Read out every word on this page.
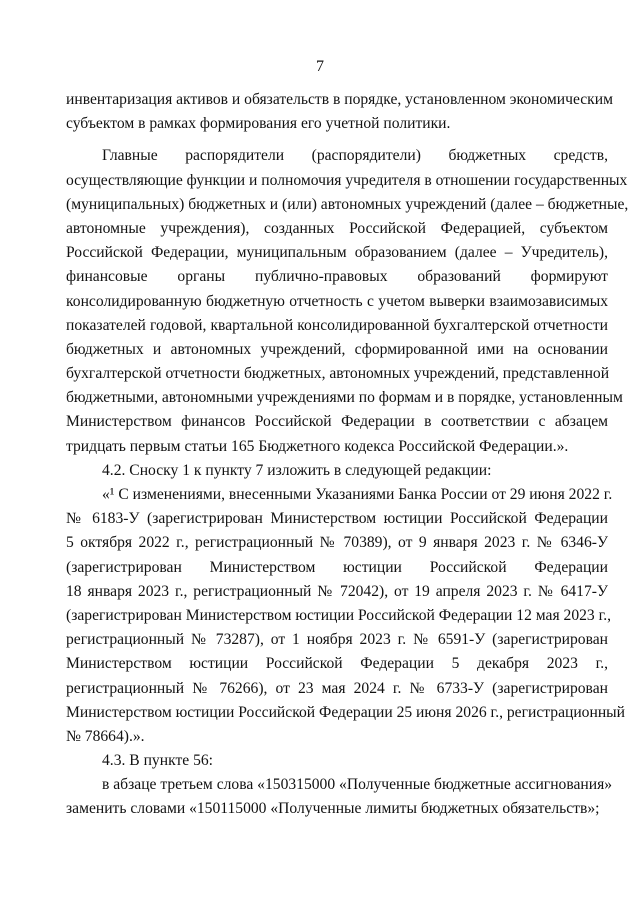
7
инвентаризация активов и обязательств в порядке, установленном экономическим
субъектом в рамках формирования его учетной политики.
Главные распорядители (распорядители) бюджетных средств,
осуществляющие функции и полномочия учредителя в отношении государственных
(муниципальных) бюджетных и (или) автономных учреждений (далее – бюджетные,
автономные учреждения), созданных Российской Федерацией, субъектом
Российской Федерации, муниципальным образованием (далее – Учредитель),
финансовые органы публично-правовых образований формируют
консолидированную бюджетную отчетность с учетом выверки взаимозависимых
показателей годовой, квартальной консолидированной бухгалтерской отчетности
бюджетных и автономных учреждений, сформированной ими на основании
бухгалтерской отчетности бюджетных, автономных учреждений, представленной
бюджетными, автономными учреждениями по формам и в порядке, установленным
Министерством финансов Российской Федерации в соответствии с абзацем
тридцать первым статьи 165 Бюджетного кодекса Российской Федерации.».
4.2. Сноску 1 к пункту 7 изложить в следующей редакции:
«¹ С изменениями, внесенными Указаниями Банка России от 29 июня 2022 г.
№ 6183-У (зарегистрирован Министерством юстиции Российской Федерации
5 октября 2022 г., регистрационный № 70389), от 9 января 2023 г. № 6346-У
(зарегистрирован Министерством юстиции Российской Федерации
18 января 2023 г., регистрационный № 72042), от 19 апреля 2023 г. № 6417-У
(зарегистрирован Министерством юстиции Российской Федерации 12 мая 2023 г.,
регистрационный № 73287), от 1 ноября 2023 г. № 6591-У (зарегистрирован
Министерством юстиции Российской Федерации 5 декабря 2023 г.,
регистрационный № 76266), от 23 мая 2024 г. № 6733-У (зарегистрирован
Министерством юстиции Российской Федерации 25 июня 2026 г., регистрационный
№ 78664).».
4.3. В пункте 56:
в абзаце третьем слова «150315000 «Полученные бюджетные ассигнования»
заменить словами «150115000 «Полученные лимиты бюджетных обязательств»;
